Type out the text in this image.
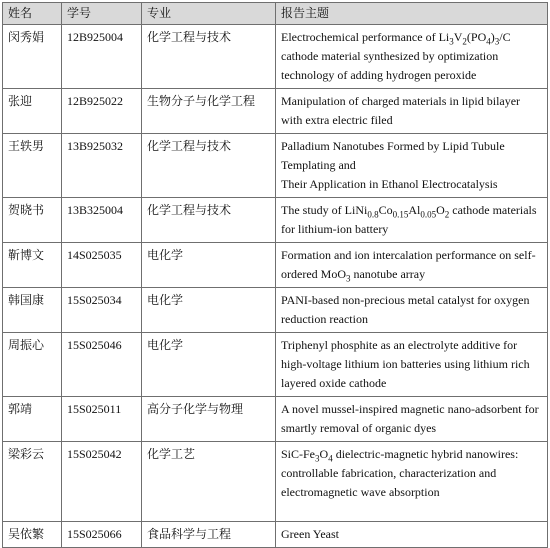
姓名	学号	专业	报告主题
闵秀娟	12B925004	化学工程与技术	Electrochemical performance of $Li_3V_2(PO_4)_3/C$ cathode material synthesized by optimization technology of adding hydrogen peroxide
张迎	12B925022	生物分子与化学工程	Manipulation of charged materials in lipid bilayer with extra electric filed
王轶男	13B925032	化学工程与技术	Palladium Nanotubes Formed by Lipid Tubule Templating and
Their Application in Ethanol Electrocatalysis

贺晓书	13B325004	化学工程与技术	The study of $LiNi_{0.8}Co_{0.15}Al_{0.05}O_2$ cathode materials for lithium-ion battery
靳博文	14S025035	电化学	Formation and ion intercalation performance on self-ordered MoO$_3$ nanotube array
韩国康	15S025034	电化学	PANI-based non-precious metal catalyst for oxygen reduction reaction
周振心	15S025046	电化学	Triphenyl phosphite as an electrolyte additive for high-voltage lithium ion batteries using lithium rich layered oxide cathode
郭靖	15S025011	高分子化学与物理	A novel mussel-inspired magnetic nano-adsorbent for smartly removal of organic dyes
梁彩云	15S025042	化学工艺	SiC-$Fe_3O_4$ dielectric-magnetic hybrid nanowires: controllable fabrication, characterization and electromagnetic wave absorption
吴依繁	15S025066	食品科学与工程	Green Yeast
